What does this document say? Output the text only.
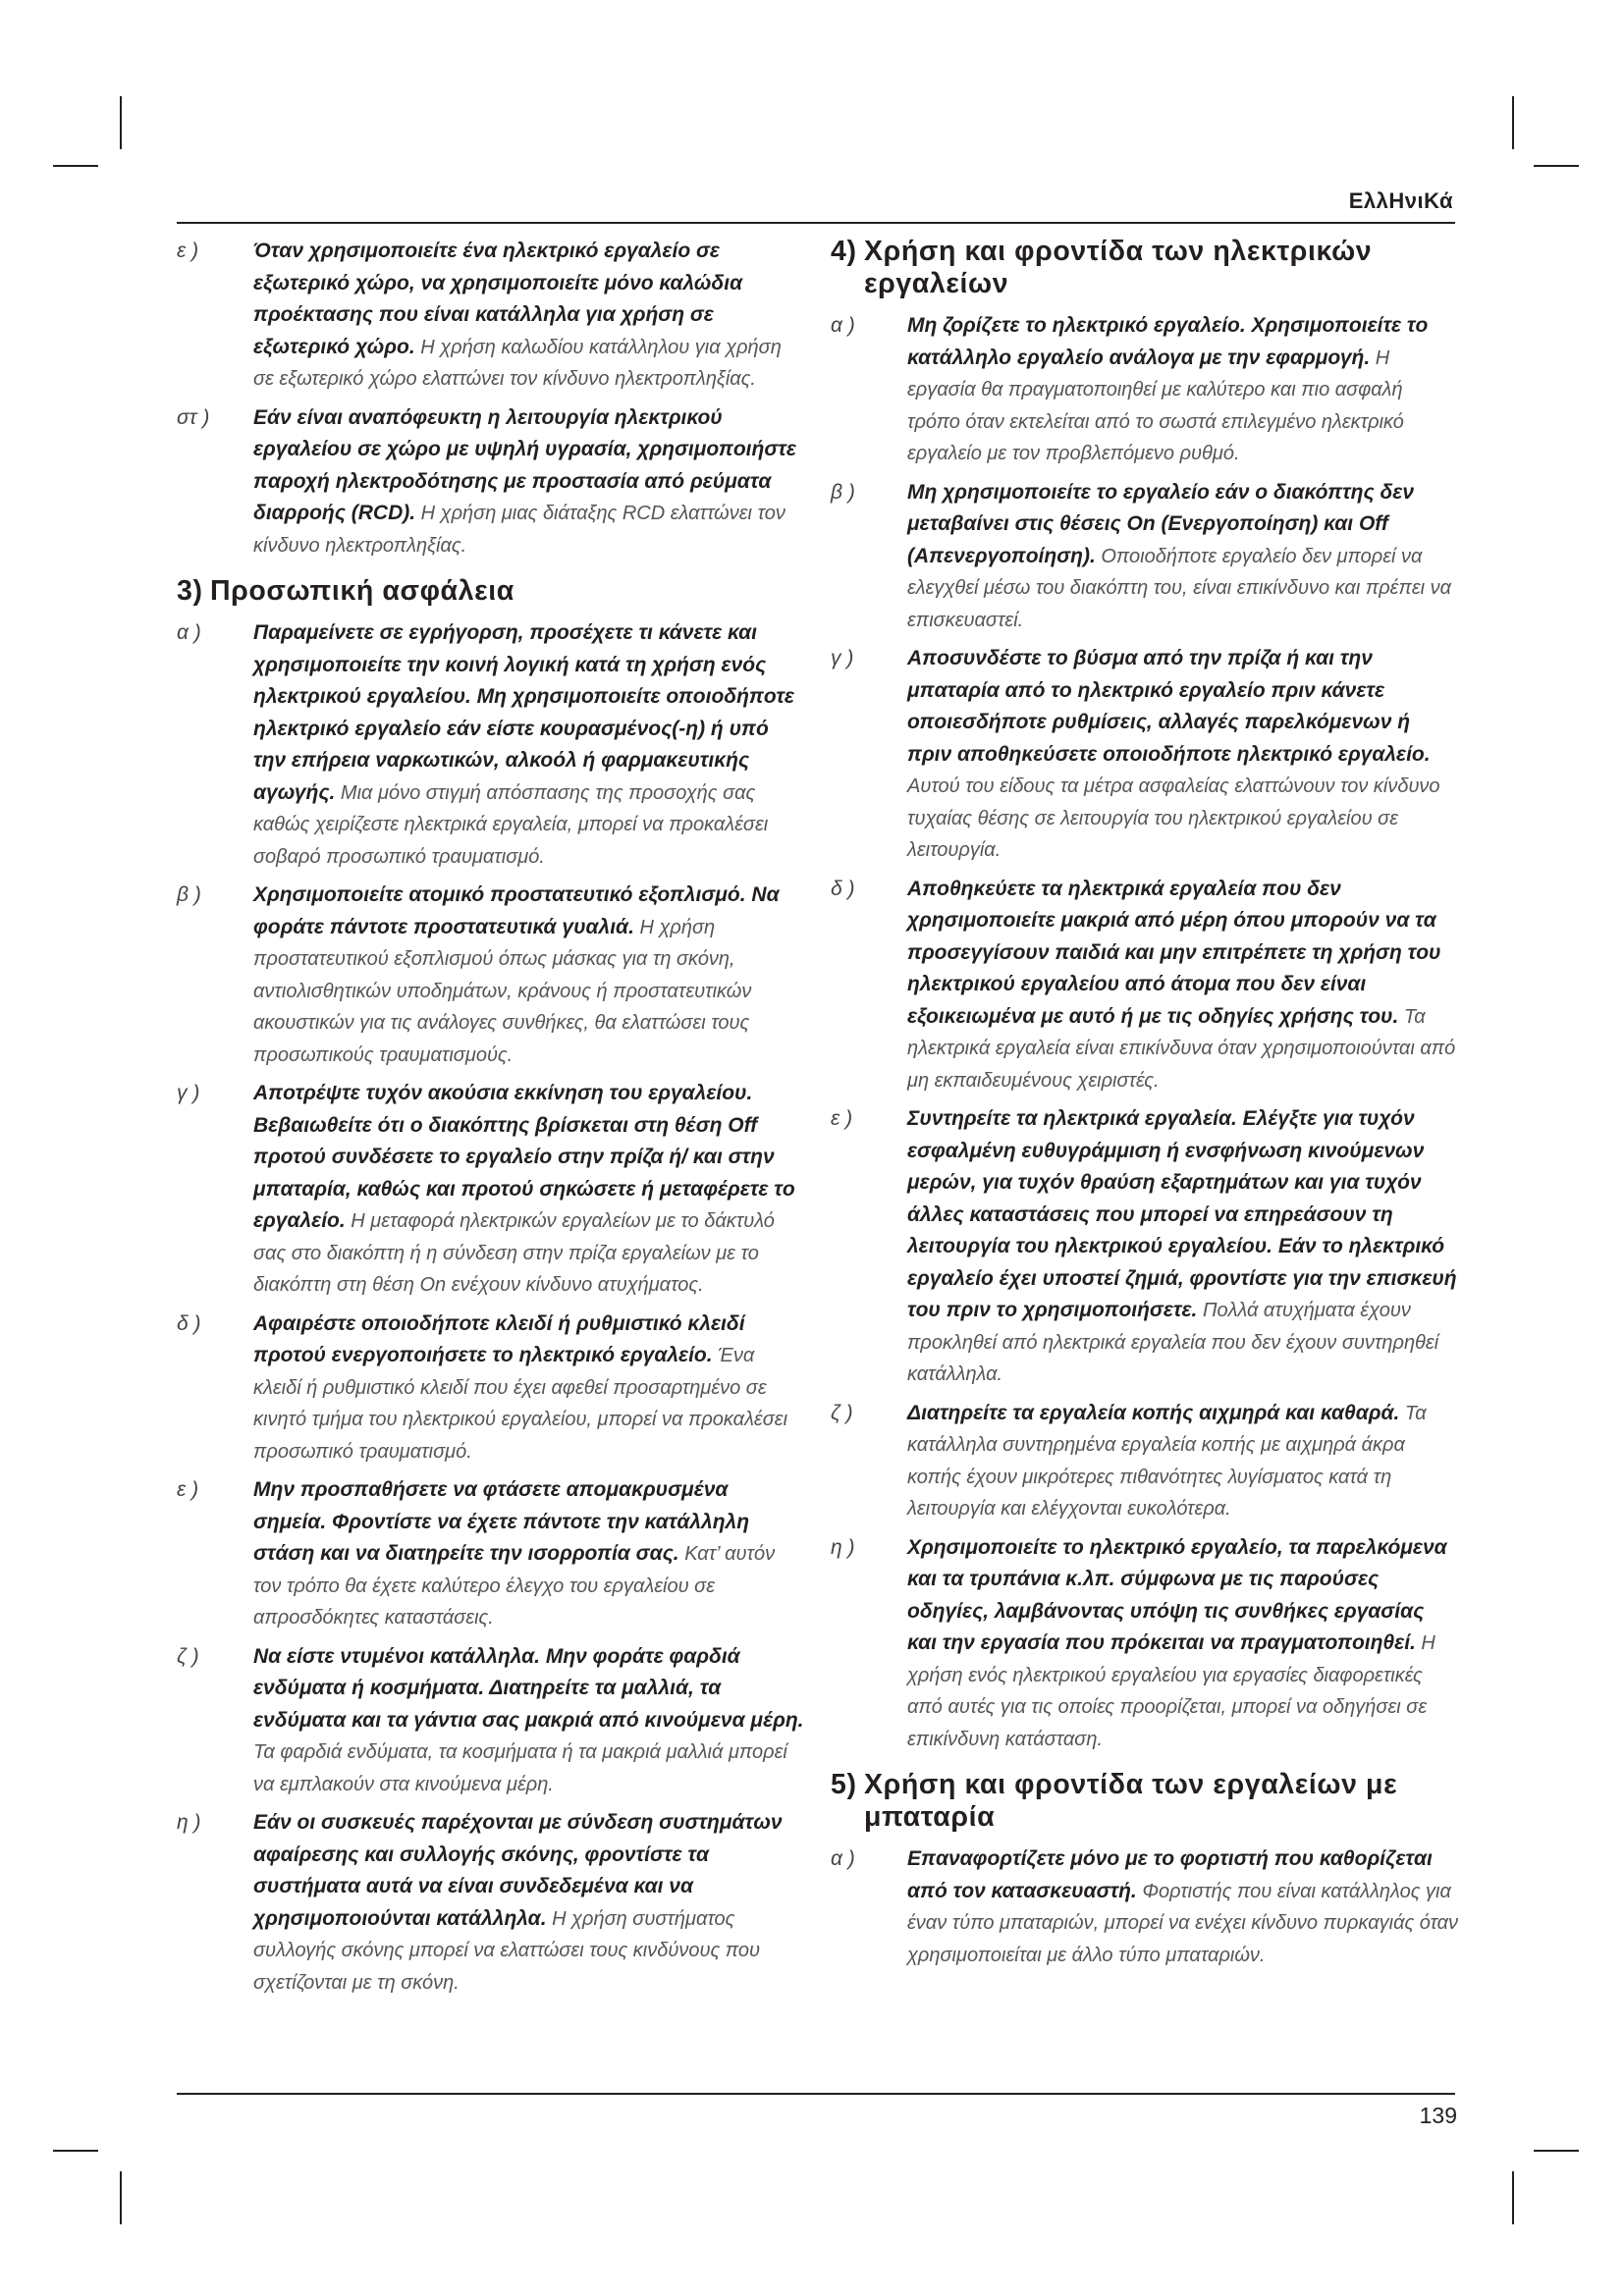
ΕλλΗνιΚά
ε )	Όταν χρησιμοποιείτε ένα ηλεκτρικό εργαλείο σε εξωτερικό χώρο, να χρησιμοποιείτε μόνο καλώδια προέκτασης που είναι κατάλληλα για χρήση σε εξωτερικό χώρο. Η χρήση καλωδίου κατάλληλου για χρήση σε εξωτερικό χώρο ελαττώνει τον κίνδυνο ηλεκτροπληξίας.
στ )	Εάν είναι αναπόφευκτη η λειτουργία ηλεκτρικού εργαλείου σε χώρο με υψηλή υγρασία, χρησιμοποιήστε παροχή ηλεκτροδότησης με προστασία από ρεύματα διαρροής (RCD). Η χρήση μιας διάταξης RCD ελαττώνει τον κίνδυνο ηλεκτροπληξίας.
3) Προσωπική ασφάλεια
α )	Παραμείνετε σε εγρήγορση, προσέχετε τι κάνετε και χρησιμοποιείτε την κοινή λογική κατά τη χρήση ενός ηλεκτρικού εργαλείου. Μη χρησιμοποιείτε οποιοδήποτε ηλεκτρικό εργαλείο εάν είστε κουρασμένος(-η) ή υπό την επήρεια ναρκωτικών, αλκοόλ ή φαρμακευτικής αγωγής. Μια μόνο στιγμή απόσπασης της προσοχής σας καθώς χειρίζεστε ηλεκτρικά εργαλεία, μπορεί να προκαλέσει σοβαρό προσωπικό τραυματισμό.
β )	Χρησιμοποιείτε ατομικό προστατευτικό εξοπλισμό. Να φοράτε πάντοτε προστατευτικά γυαλιά. Η χρήση προστατευτικού εξοπλισμού όπως μάσκας για τη σκόνη, αντιολισθητικών υποδημάτων, κράνους ή προστατευτικών ακουστικών για τις ανάλογες συνθήκες, θα ελαττώσει τους προσωπικούς τραυματισμούς.
γ )	Αποτρέψτε τυχόν ακούσια εκκίνηση του εργαλείου. Βεβαιωθείτε ότι ο διακόπτης βρίσκεται στη θέση Off προτού συνδέσετε το εργαλείο στην πρίζα ή/ και στην μπαταρία, καθώς και προτού σηκώσετε ή μεταφέρετε το εργαλείο. Η μεταφορά ηλεκτρικών εργαλείων με το δάκτυλό σας στο διακόπτη ή η σύνδεση στην πρίζα εργαλείων με το διακόπτη στη θέση On ενέχουν κίνδυνο ατυχήματος.
δ )	Αφαιρέστε οποιοδήποτε κλειδί ή ρυθμιστικό κλειδί προτού ενεργοποιήσετε το ηλεκτρικό εργαλείο. Ένα κλειδί ή ρυθμιστικό κλειδί που έχει αφεθεί προσαρτημένο σε κινητό τμήμα του ηλεκτρικού εργαλείου, μπορεί να προκαλέσει προσωπικό τραυματισμό.
ε )	Μην προσπαθήσετε να φτάσετε απομακρυσμένα σημεία. Φροντίστε να έχετε πάντοτε την κατάλληλη στάση και να διατηρείτε την ισορροπία σας. Κατ’ αυτόν τον τρόπο θα έχετε καλύτερο έλεγχο του εργαλείου σε απροσδόκητες καταστάσεις.
ζ )	Να είστε ντυμένοι κατάλληλα. Μην φοράτε φαρδιά ενδύματα ή κοσμήματα. Διατηρείτε τα μαλλιά, τα ενδύματα και τα γάντια σας μακριά από κινούμενα μέρη. Τα φαρδιά ενδύματα, τα κοσμήματα ή τα μακριά μαλλιά μπορεί να εμπλακούν στα κινούμενα μέρη.
η )	Εάν οι συσκευές παρέχονται με σύνδεση συστημάτων αφαίρεσης και συλλογής σκόνης, φροντίστε τα συστήματα αυτά να είναι συνδεδεμένα και να χρησιμοποιούνται κατάλληλα. Η χρήση συστήματος συλλογής σκόνης μπορεί να ελαττώσει τους κινδύνους που σχετίζονται με τη σκόνη.
4) Χρήση και φροντίδα των ηλεκτρικών εργαλείων
α )	Μη ζορίζετε το ηλεκτρικό εργαλείο. Χρησιμοποιείτε το κατάλληλο εργαλείο ανάλογα με την εφαρμογή. Η εργασία θα πραγματοποιηθεί με καλύτερο και πιο ασφαλή τρόπο όταν εκτελείται από το σωστά επιλεγμένο ηλεκτρικό εργαλείο με τον προβλεπόμενο ρυθμό.
β )	Μη χρησιμοποιείτε το εργαλείο εάν ο διακόπτης δεν μεταβαίνει στις θέσεις On (Ενεργοποίηση) και Off (Απενεργοποίηση). Οποιοδήποτε εργαλείο δεν μπορεί να ελεγχθεί μέσω του διακόπτη του, είναι επικίνδυνο και πρέπει να επισκευαστεί.
γ )	Αποσυνδέστε το βύσμα από την πρίζα ή και την μπαταρία από το ηλεκτρικό εργαλείο πριν κάνετε οποιεσδήποτε ρυθμίσεις, αλλαγές παρελκόμενων ή πριν αποθηκεύσετε οποιοδήποτε ηλεκτρικό εργαλείο. Αυτού του είδους τα μέτρα ασφαλείας ελαττώνουν τον κίνδυνο τυχαίας θέσης σε λειτουργία του ηλεκτρικού εργαλείου σε λειτουργία.
δ )	Αποθηκεύετε τα ηλεκτρικά εργαλεία που δεν χρησιμοποιείτε μακριά από μέρη όπου μπορούν να τα προσεγγίσουν παιδιά και μην επιτρέπετε τη χρήση του ηλεκτρικού εργαλείου από άτομα που δεν είναι εξοικειωμένα με αυτό ή με τις οδηγίες χρήσης του. Τα ηλεκτρικά εργαλεία είναι επικίνδυνα όταν χρησιμοποιούνται από μη εκπαιδευμένους χειριστές.
ε )	Συντηρείτε τα ηλεκτρικά εργαλεία. Ελέγξτε για τυχόν εσφαλμένη ευθυγράμμιση ή ενσφήνωση κινούμενων μερών, για τυχόν θραύση εξαρτημάτων και για τυχόν άλλες καταστάσεις που μπορεί να επηρεάσουν τη λειτουργία του ηλεκτρικού εργαλείου. Εάν το ηλεκτρικό εργαλείο έχει υποστεί ζημιά, φροντίστε για την επισκευή του πριν το χρησιμοποιήσετε. Πολλά ατυχήματα έχουν προκληθεί από ηλεκτρικά εργαλεία που δεν έχουν συντηρηθεί κατάλληλα.
ζ )	Διατηρείτε τα εργαλεία κοπής αιχμηρά και καθαρά. Τα κατάλληλα συντηρημένα εργαλεία κοπής με αιχμηρά άκρα κοπής έχουν μικρότερες πιθανότητες λυγίσματος κατά τη λειτουργία και ελέγχονται ευκολότερα.
η )	Χρησιμοποιείτε το ηλεκτρικό εργαλείο, τα παρελκόμενα και τα τρυπάνια κ.λπ. σύμφωνα με τις παρούσες οδηγίες, λαμβάνοντας υπόψη τις συνθήκες εργασίας και την εργασία που πρόκειται να πραγματοποιηθεί. Η χρήση ενός ηλεκτρικού εργαλείου για εργασίες διαφορετικές από αυτές για τις οποίες προορίζεται, μπορεί να οδηγήσει σε επικίνδυνη κατάσταση.
5) Χρήση και φροντίδα των εργαλείων με μπαταρία
α )	Επαναφορτίζετε μόνο με το φορτιστή που καθορίζεται από τον κατασκευαστή. Φορτιστής που είναι κατάλληλος για έναν τύπο μπαταριών, μπορεί να ενέχει κίνδυνο πυρκαγιάς όταν χρησιμοποιείται με άλλο τύπο μπαταριών.
139
